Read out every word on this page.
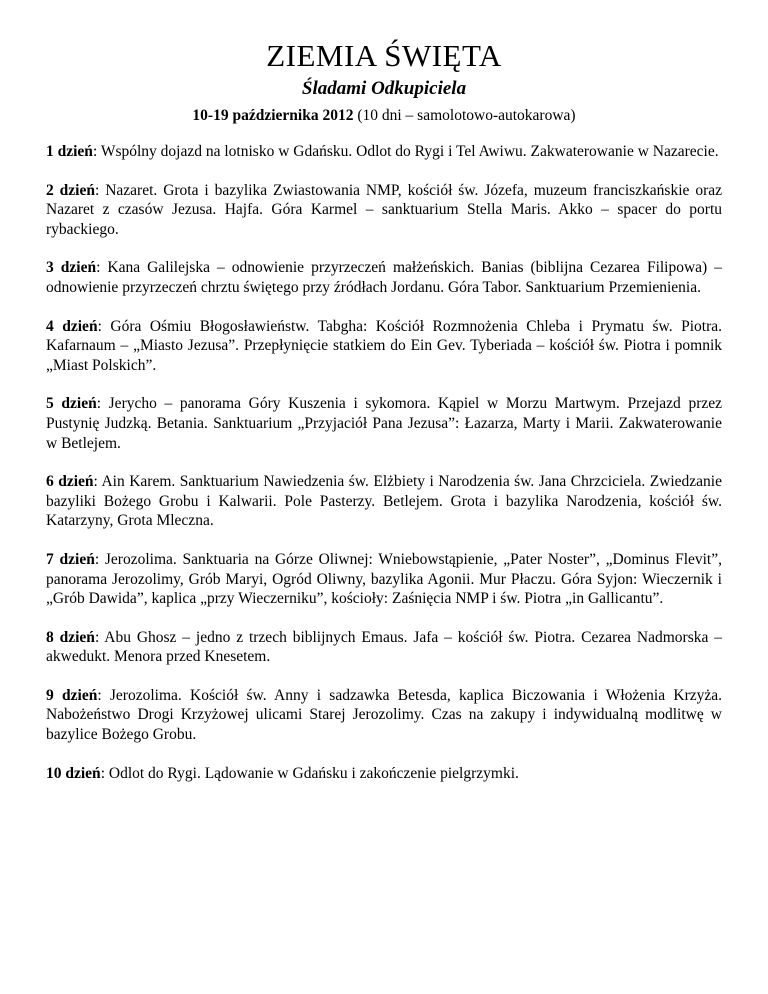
ZIEMIA ŚWIĘTA
Śladami Odkupiciela
10-19 października 2012 (10 dni – samolotowo-autokarowa)

1 dzień: Wspólny dojazd na lotnisko w Gdańsku. Odlot do Rygi i Tel Awiwu. Zakwaterowanie w Nazarecie.

2 dzień: Nazaret. Grota i bazylika Zwiastowania NMP, kościół św. Józefa, muzeum franciszkańskie oraz Nazaret z czasów Jezusa. Hajfa. Góra Karmel – sanktuarium Stella Maris. Akko – spacer do portu rybackiego.

3 dzień: Kana Galilejska – odnowienie przyrzeczeń małżeńskich. Banias (biblijna Cezarea Filipowa) – odnowienie przyrzeczeń chrztu świętego przy źródłach Jordanu. Góra Tabor. Sanktuarium Przemienienia.

4 dzień: Góra Ośmiu Błogosławieństw. Tabgha: Kościół Rozmnożenia Chleba i Prymatu św. Piotra. Kafarnaum – „Miasto Jezusa”. Przepłynięcie statkiem do Ein Gev. Tyberiada – kościół św. Piotra i pomnik „Miast Polskich”.

5 dzień: Jerycho – panorama Góry Kuszenia i sykomora. Kąpiel w Morzu Martwym. Przejazd przez Pustynię Judzką. Betania. Sanktuarium „Przyjaciół Pana Jezusa”: Łazarza, Marty i Marii. Zakwaterowanie w Betlejem.

6 dzień: Ain Karem. Sanktuarium Nawiedzenia św. Elżbiety i Narodzenia św. Jana Chrzciciela. Zwiedzanie bazyliki Bożego Grobu i Kalwarii. Pole Pasterzy. Betlejem. Grota i bazylika Narodzenia, kościół św. Katarzyny, Grota Mleczna.

7 dzień: Jerozolima. Sanktuaria na Górze Oliwnej: Wniebowstąpienie, „Pater Noster”, „Dominus Flevit”, panorama Jerozolimy, Grób Maryi, Ogród Oliwny, bazylika Agonii. Mur Płaczu. Góra Syjon: Wieczernik i „Grób Dawida”, kaplica „przy Wieczerniku”, kościoły: Zaśnięcia NMP i św. Piotra „in Gallicantu”.

8 dzień: Abu Ghosz – jedno z trzech biblijnych Emaus. Jafa – kościół św. Piotra. Cezarea Nadmorska – akwedukt. Menora przed Knesetem.

9 dzień: Jerozolima. Kościół św. Anny i sadzawka Betesda, kaplica Biczowania i Włożenia Krzyża. Nabożeństwo Drogi Krzyżowej ulicami Starej Jerozolimy. Czas na zakupy i indywidualną modlitwę w bazylice Bożego Grobu.

10 dzień: Odlot do Rygi. Lądowanie w Gdańsku i zakończenie pielgrzymki.
